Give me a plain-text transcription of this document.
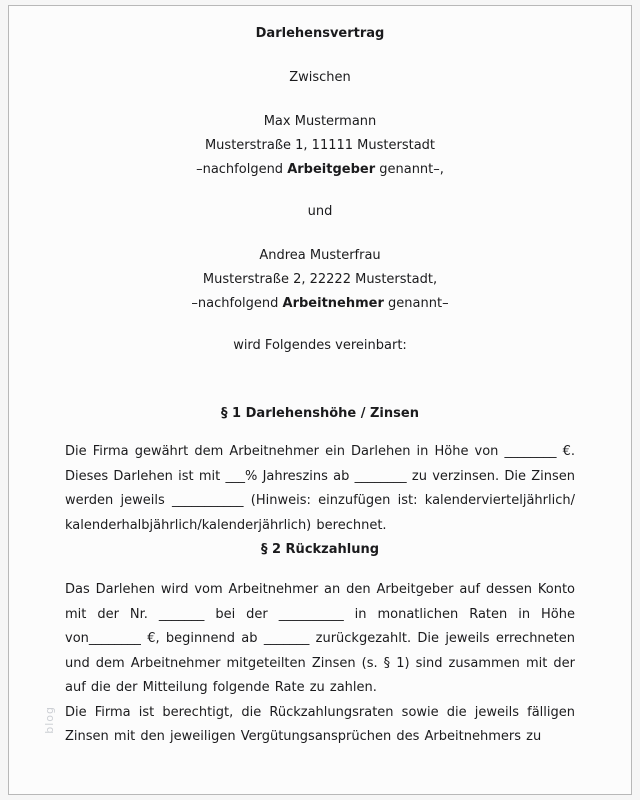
Darlehensvertrag
Zwischen
Max Mustermann
Musterstraße 1, 11111 Musterstadt
–nachfolgend Arbeitgeber genannt–,
und
Andrea Musterfrau
Musterstraße 2, 22222 Musterstadt,
–nachfolgend Arbeitnehmer genannt–
wird Folgendes vereinbart:
§ 1 Darlehenshöhe / Zinsen

Die Firma gewährt dem Arbeitnehmer ein Darlehen in Höhe von ________ €. Dieses Darlehen ist mit ___% Jahreszins ab ________ zu verzinsen. Die Zinsen werden jeweils ___________ (Hinweis: einzufügen ist: kalendervierteljährlich/ kalenderhalbjährlich/kalenderjährlich) berechnet.

§ 2 Rückzahlung

Das Darlehen wird vom Arbeitnehmer an den Arbeitgeber auf dessen Konto mit der Nr. _______ bei der __________ in monatlichen Raten in Höhe von________ €, beginnend ab _______ zurückgezahlt. Die jeweils errechneten und dem Arbeitnehmer mitgeteilten Zinsen (s. § 1) sind zusammen mit der auf die der Mitteilung folgende Rate zu zahlen.

Die Firma ist berechtigt, die Rückzahlungsraten sowie die jeweils fälligen Zinsen mit den jeweiligen Vergütungsansprüchen des Arbeitnehmers zu

blog
